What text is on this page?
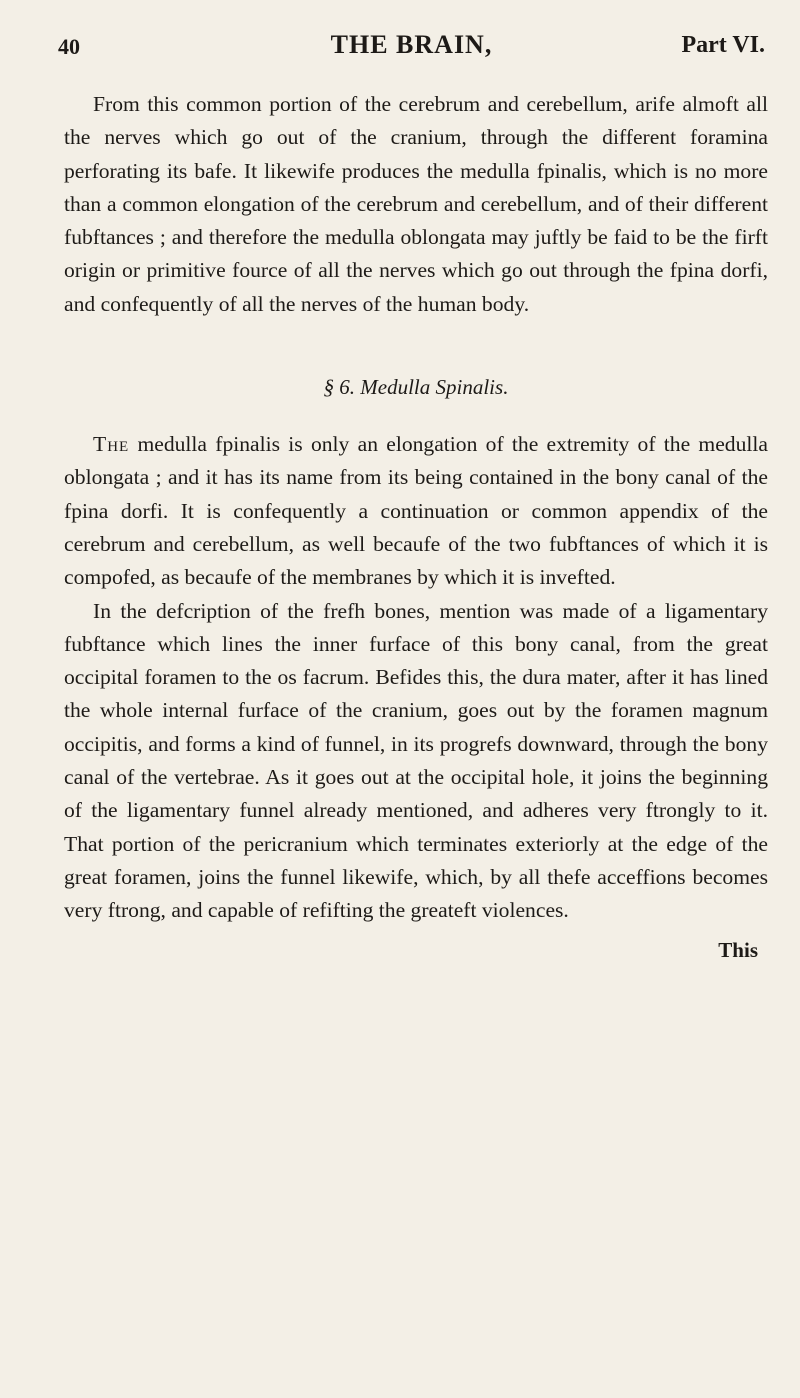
40	THE BRAIN,	Part VI.

From this common portion of the cerebrum and cerebellum, arife almoft all the nerves which go out of the cranium, through the different foramina perforating its bafe. It likewife produces the medulla fpinalis, which is no more than a common elongation of the cerebrum and cerebellum, and of their different fubftances ; and therefore the medulla oblongata may juftly be faid to be the firft origin or primitive fource of all the nerves which go out through the fpina dorfi, and confequently of all the nerves of the human body.

§ 6. Medulla Spinalis.

The medulla fpinalis is only an elongation of the extremity of the medulla oblongata ; and it has its name from its being contained in the bony canal of the fpina dorfi. It is confequently a continuation or common appendix of the cerebrum and cerebellum, as well becaufe of the two fubftances of which it is compofed, as becaufe of the membranes by which it is invefted.

In the defcription of the frefh bones, mention was made of a ligamentary fubftance which lines the inner furface of this bony canal, from the great occipital foramen to the os facrum. Befides this, the dura mater, after it has lined the whole internal furface of the cranium, goes out by the foramen magnum occipitis, and forms a kind of funnel, in its progrefs downward, through the bony canal of the vertebrae. As it goes out at the occipital hole, it joins the beginning of the ligamentary funnel already mentioned, and adheres very ftrongly to it. That portion of the pericranium which terminates exteriorly at the edge of the great foramen, joins the funnel likewife, which, by all thefe acceffions becomes very ftrong, and capable of refifting the greateft violences.

This
